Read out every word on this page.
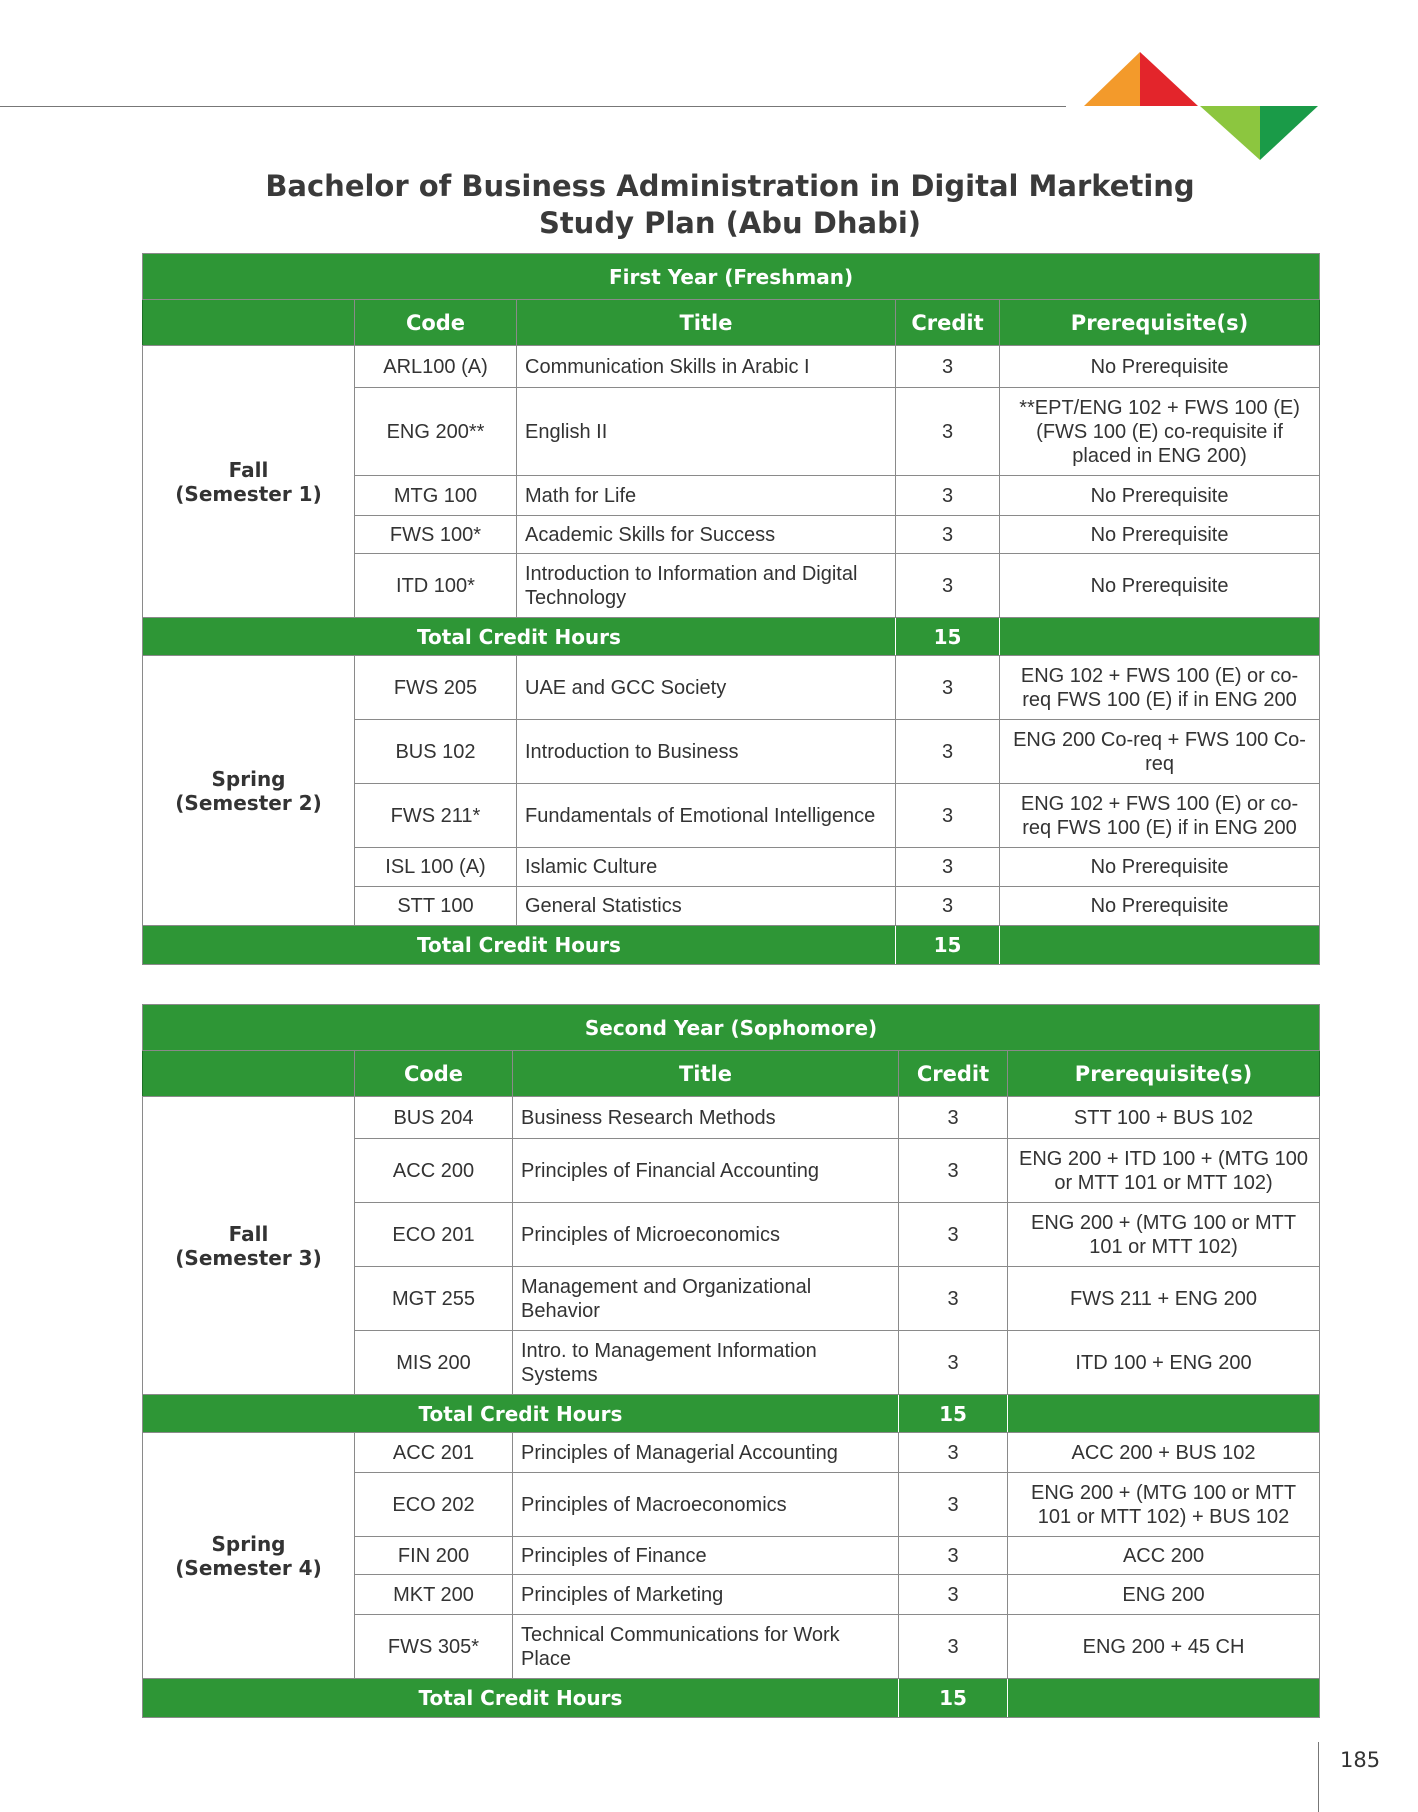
Bachelor of Business Administration in Digital Marketing
Study Plan (Abu Dhabi)
First Year (Freshman)				
	Code	Title	Credit	Prerequisite(s)

Fall
(Semester 1)	ARL100 (A)	Communication Skills in Arabic I	3	No Prerequisite
	ENG 200**	English II	3	**EPT/ENG 102 + FWS 100 (E) (FWS 100 (E) co-requisite if placed in ENG 200)
	MTG 100	Math for Life	3	No Prerequisite
	FWS 100*	Academic Skills for Success	3	No Prerequisite
	ITD 100*	Introduction to Information and Digital Technology	3	No Prerequisite
Total Credit Hours			15	

Spring
(Semester 2)	FWS 205	UAE and GCC Society	3	ENG 102 + FWS 100 (E) or co-req FWS 100 (E) if in ENG 200
	BUS 102	Introduction to Business	3	ENG 200 Co-req + FWS 100 Co-req
	FWS 211*	Fundamentals of Emotional Intelligence	3	ENG 102 + FWS 100 (E) or co-req FWS 100 (E) if in ENG 200
	ISL 100 (A)	Islamic Culture	3	No Prerequisite
	STT 100	General Statistics	3	No Prerequisite
Total Credit Hours			15	
Second Year (Sophomore)				
	Code	Title	Credit	Prerequisite(s)

Fall
(Semester 3)	BUS 204	Business Research Methods	3	STT 100 + BUS 102
	ACC 200	Principles of Financial Accounting	3	ENG 200 + ITD 100 + (MTG 100 or MTT 101 or MTT 102)
	ECO 201	Principles of Microeconomics	3	ENG 200 + (MTG 100 or MTT 101 or MTT 102)
	MGT 255	Management and Organizational Behavior	3	FWS 211 + ENG 200
	MIS 200	Intro. to Management Information Systems	3	ITD 100 + ENG 200
Total Credit Hours			15	

Spring
(Semester 4)	ACC 201	Principles of Managerial Accounting	3	ACC 200 + BUS 102
	ECO 202	Principles of Macroeconomics	3	ENG 200 + (MTG 100 or MTT 101 or MTT 102) + BUS 102
	FIN 200	Principles of Finance	3	ACC 200
	MKT 200	Principles of Marketing	3	ENG 200
	FWS 305*	Technical Communications for Work Place	3	ENG 200 + 45 CH
Total Credit Hours			15	
185
